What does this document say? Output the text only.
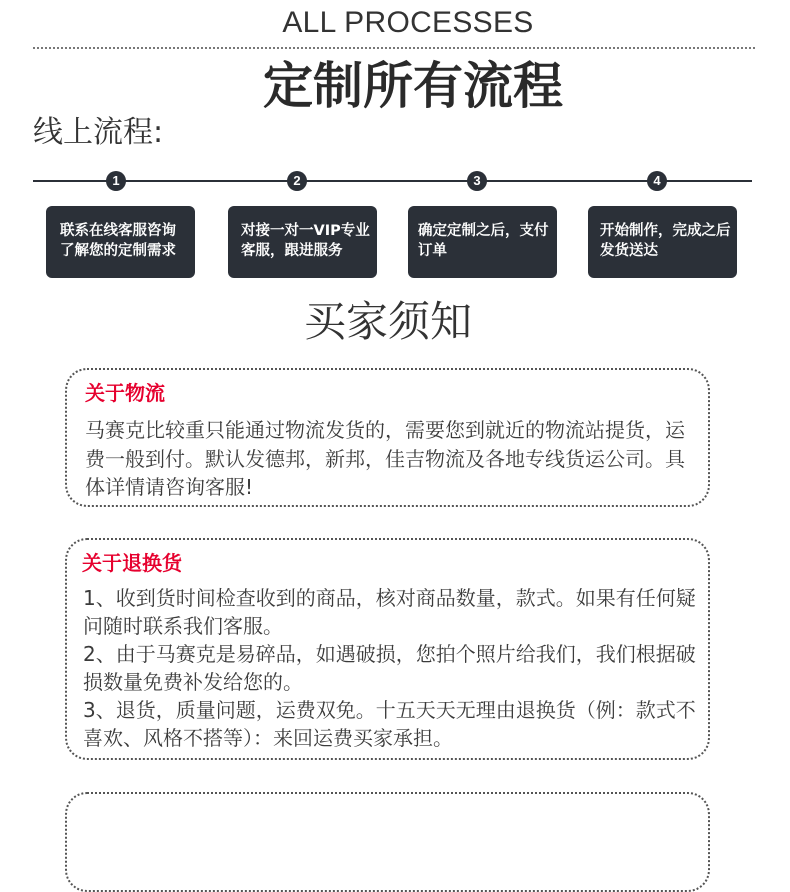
ALL PROCESSES
定制所有流程
线上流程:
1	2	3	4
联系在线客服咨询
了解您的定制需求
对接一对一VIP专业
客服，跟进服务
确定定制之后，支付
订单
开始制作，完成之后
发货送达
买家须知
关于物流
马赛克比较重只能通过物流发货的，需要您到就近的物流站提货，运
费一般到付。默认发德邦，新邦，佳吉物流及各地专线货运公司。具
体详情请咨询客服!
关于退换货
1、收到货时间检查收到的商品，核对商品数量，款式。如果有任何疑
问随时联系我们客服。
2、由于马赛克是易碎品，如遇破损，您拍个照片给我们，我们根据破
损数量免费补发给您的。
3、退货，质量问题，运费双免。十五天天无理由退换货（例：款式不
喜欢、风格不搭等）：来回运费买家承担。
